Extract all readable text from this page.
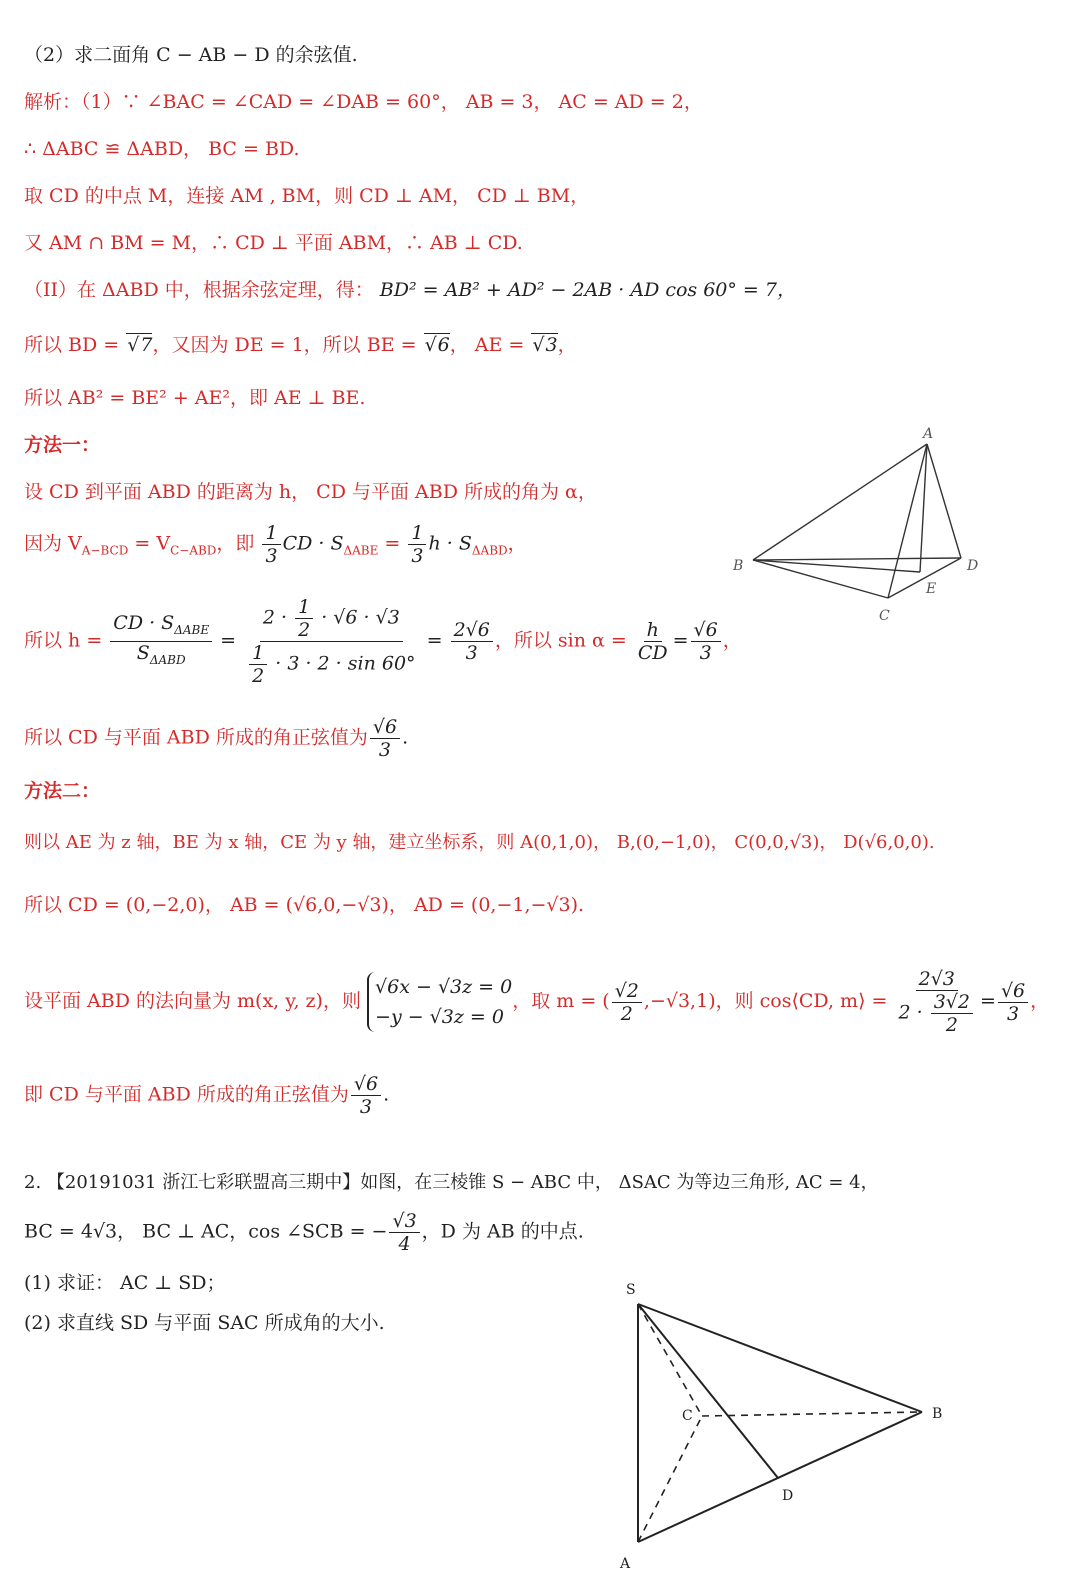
（2）求二面角 C − AB − D 的余弦值.
解析：（1）∵ ∠BAC = ∠CAD = ∠DAB = 60°， AB = 3， AC = AD = 2，
∴ ΔABC ≌ ΔABD， BC = BD.
取 CD 的中点 M，连接 AM , BM，则 CD ⊥ AM， CD ⊥ BM，
又 AM ∩ BM = M，∴ CD ⊥ 平面 ABM，∴ AB ⊥ CD.
（II）在 ΔABD 中，根据余弦定理，得： BD² = AB² + AD² − 2AB · AD cos 60° = 7，
所以 BD = √ 7，又因为 DE = 1，所以 BE = √ 6， AE = √ 3，
所以 AB² = BE² + AE²，即 AE ⊥ BE.
方法一：
设 CD 到平面 ABD 的距离为 h， CD 与平面 ABD 所成的角为 α，
因为 $V_{A-BCD} = V_{C-ABD}$，即 $\frac{1}{3}$ CD · $S_{\Delta ABE} = \frac{1}{3}$ $h \cdot S_{\Delta ABD}$，
所以 $h = \frac{CD \cdot S_{\Delta ABE}}{S_{\Delta ABD}} = \frac{2 \cdot \frac{1}{2} \cdot √6 \cdot √3}{\frac{1}{2} \cdot 3 \cdot 2 \cdot \sin 60^\circ} = \frac{2√6}{3}$ ，所以 $\sin \alpha = \frac{h}{CD} = \frac{√6}{3}$ ，
所以 CD 与平面 ABD 所成的角正弦值为 $\frac{√6}{3}$ .
方法二：
则以 AE 为 z 轴，BE 为 x 轴，CE 为 y 轴，建立坐标系，则 A(0,1,0)， B,(0,−1,0)， C(0,0,√3)， D(√6,0,0).
所以 CD = (0,−2,0)， AB = (√6,0,−√3)， AD = (0,−1,−√3).
设平面 ABD 的法向量为 m(x, y, z)，则
√6x − √3z = 0
−y − √3z = 0
，取 m = ( $\frac{√2}{2} ,-√3,1$)，则 cos⟨CD, m⟩ = $\frac{2√3}{2 \cdot \frac{3√2}{2}} = \frac{√6}{3}$ ，
即 CD 与平面 ABD 所成的角正弦值为 $\frac{√6}{3}$ .
2. 【20191031 浙江七彩联盟高三期中】如图，在三棱锥 S − ABC 中， ΔSAC 为等边三角形, AC = 4，
BC = 4√3， BC ⊥ AC，cos ∠SCB = − $\frac{√3}{4}$ ，D 为 AB 的中点.
(1) 求证： AC ⊥ SD；
(2) 求直线 SD 与平面 SAC 所成角的大小.
A
B
C
D
E
S
A
B
C
D
